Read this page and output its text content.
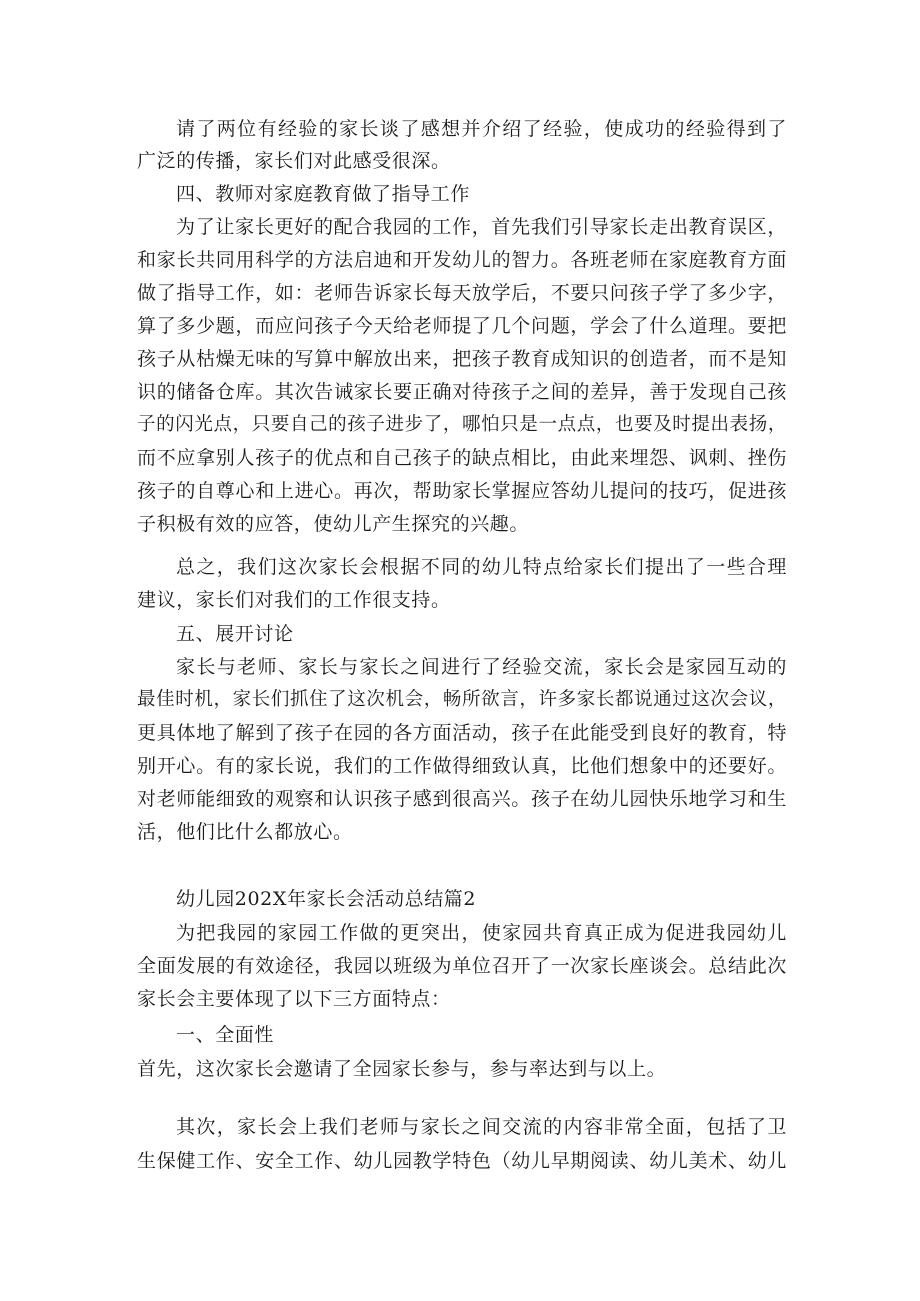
请了两位有经验的家长谈了感想并介绍了经验，使成功的经验得到了
广泛的传播，家长们对此感受很深。
四、教师对家庭教育做了指导工作
为了让家长更好的配合我园的工作，首先我们引导家长走出教育误区，
和家长共同用科学的方法启迪和开发幼儿的智力。各班老师在家庭教育方面
做了指导工作，如：老师告诉家长每天放学后，不要只问孩子学了多少字，
算了多少题，而应问孩子今天给老师提了几个问题，学会了什么道理。要把
孩子从枯燥无味的写算中解放出来，把孩子教育成知识的创造者，而不是知
识的储备仓库。其次告诫家长要正确对待孩子之间的差异，善于发现自己孩
子的闪光点，只要自己的孩子进步了，哪怕只是一点点，也要及时提出表扬，
而不应拿别人孩子的优点和自己孩子的缺点相比，由此来埋怨、讽刺、挫伤
孩子的自尊心和上进心。再次，帮助家长掌握应答幼儿提问的技巧，促进孩
子积极有效的应答，使幼儿产生探究的兴趣。
总之，我们这次家长会根据不同的幼儿特点给家长们提出了一些合理
建议，家长们对我们的工作很支持。
五、展开讨论
家长与老师、家长与家长之间进行了经验交流，家长会是家园互动的
最佳时机，家长们抓住了这次机会，畅所欲言，许多家长都说通过这次会议，
更具体地了解到了孩子在园的各方面活动，孩子在此能受到良好的教育，特
别开心。有的家长说，我们的工作做得细致认真，比他们想象中的还要好。
对老师能细致的观察和认识孩子感到很高兴。孩子在幼儿园快乐地学习和生
活，他们比什么都放心。
幼儿园202X年家长会活动总结篇2
为把我园的家园工作做的更突出，使家园共育真正成为促进我园幼儿
全面发展的有效途径，我园以班级为单位召开了一次家长座谈会。总结此次
家长会主要体现了以下三方面特点：
一、全面性
首先，这次家长会邀请了全园家长参与，参与率达到与以上。
其次，家长会上我们老师与家长之间交流的内容非常全面，包括了卫
生保健工作、安全工作、幼儿园教学特色（幼儿早期阅读、幼儿美术、幼儿
